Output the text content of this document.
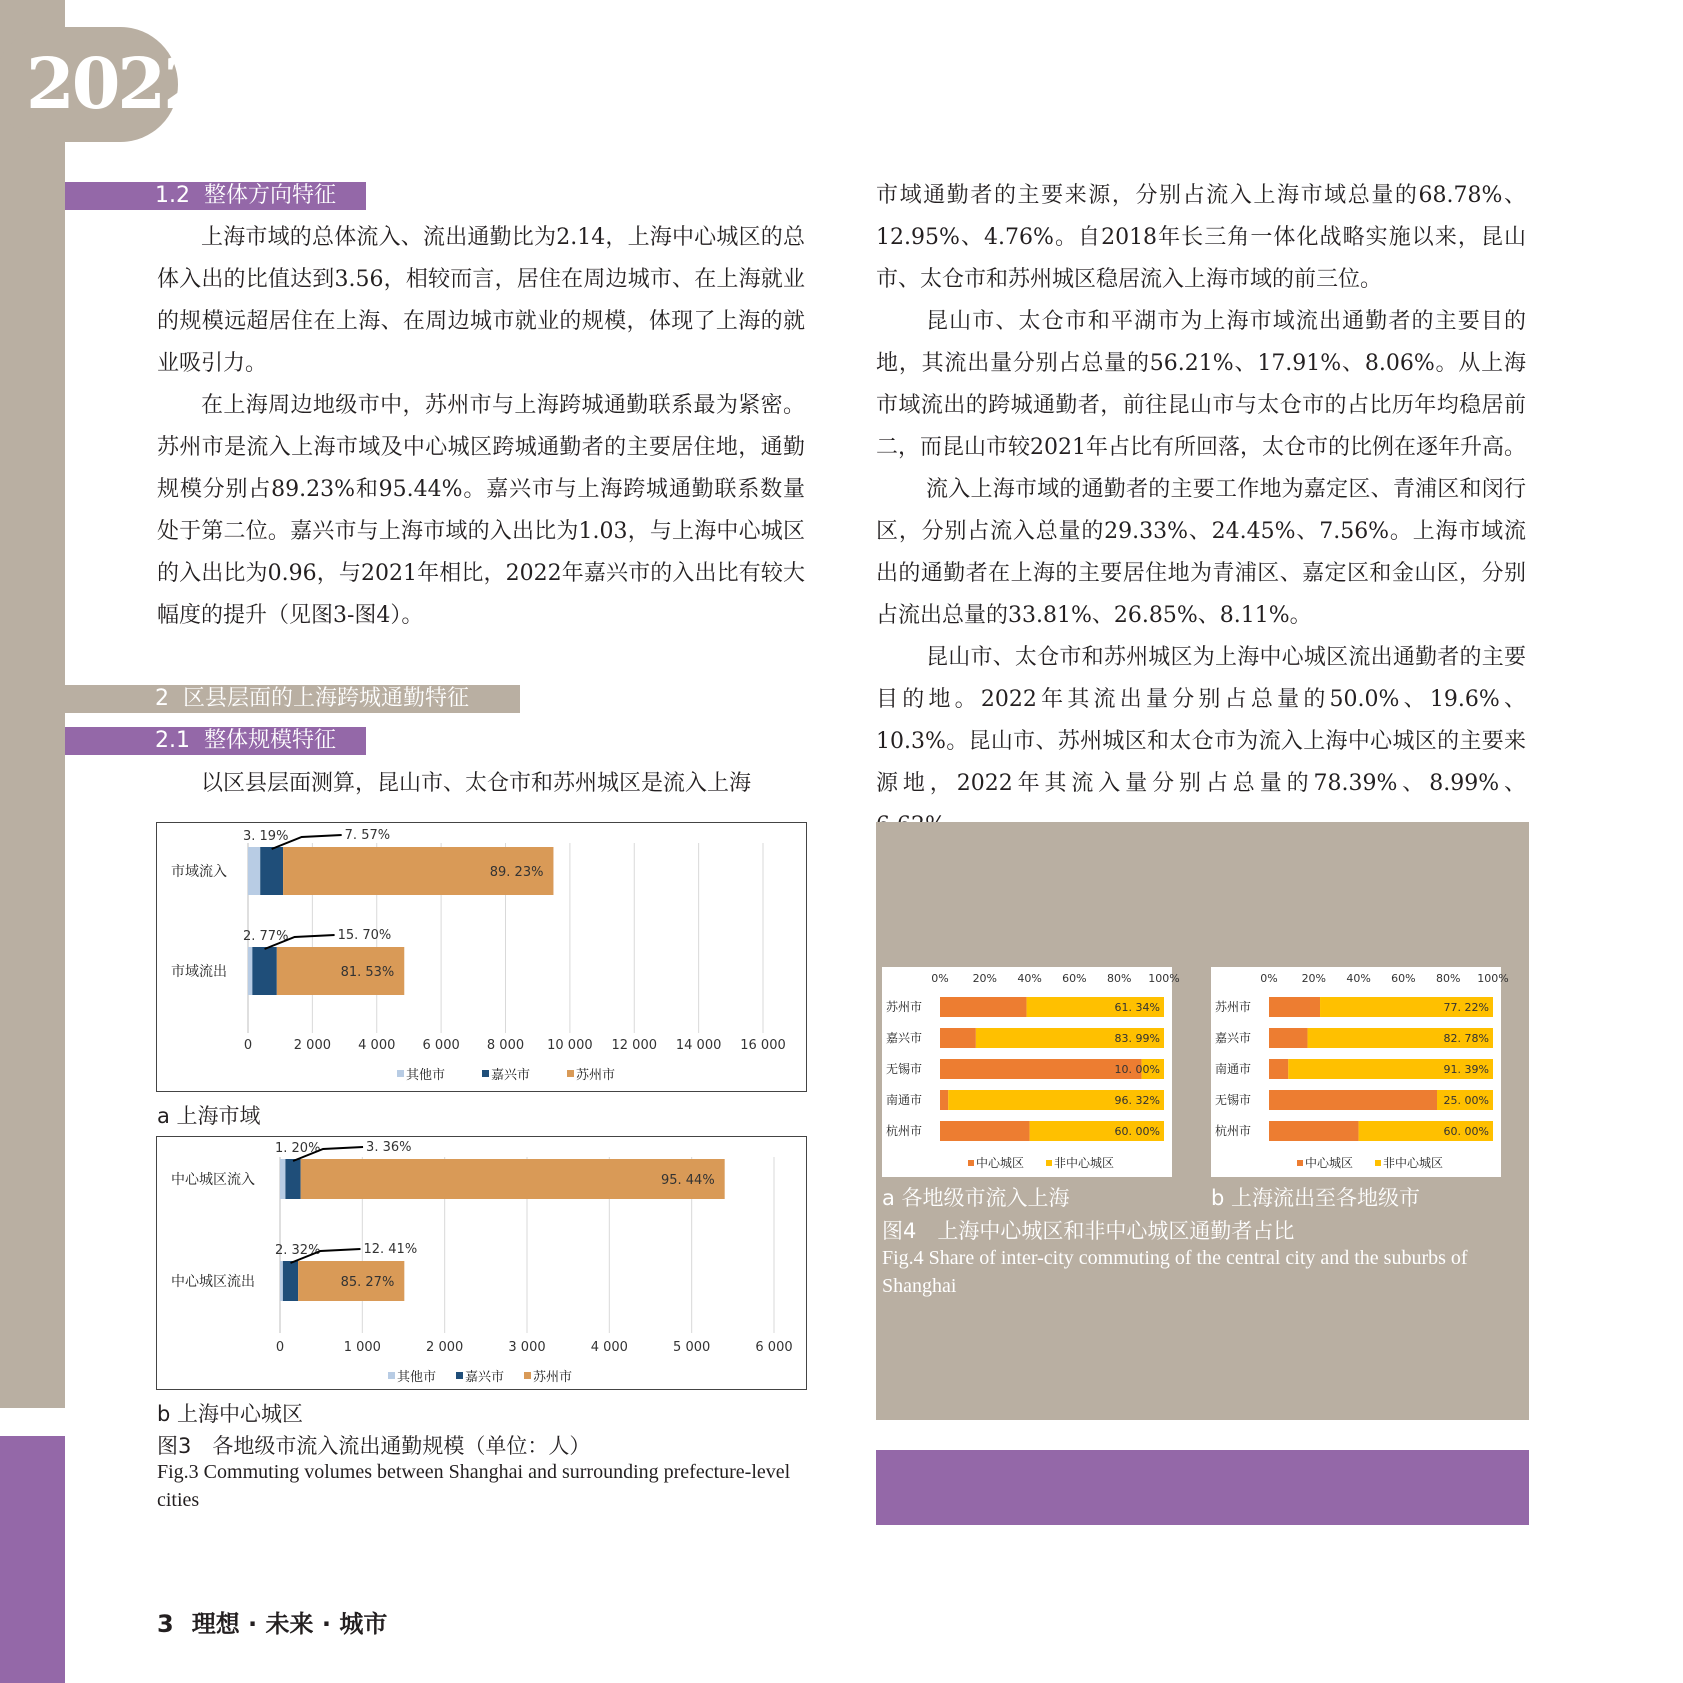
2022
1.2 整体方向特征
上海市域的总体流入、流出通勤比为2.14，上海中心城区的总体入出的比值达到3.56，相较而言，居住在周边城市、在上海就业的规模远超居住在上海、在周边城市就业的规模，体现了上海的就业吸引力。
在上海周边地级市中，苏州市与上海跨城通勤联系最为紧密。苏州市是流入上海市域及中心城区跨城通勤者的主要居住地，通勤规模分别占89.23%和95.44%。嘉兴市与上海跨城通勤联系数量处于第二位。嘉兴市与上海市域的入出比为1.03，与上海中心城区的入出比为0.96，与2021年相比，2022年嘉兴市的入出比有较大幅度的提升（见图3-图4）。
2 区县层面的上海跨城通勤特征
2.1 整体规模特征
以区县层面测算，昆山市、太仓市和苏州城区是流入上海
0	2 000 4 000 6 000 8 000 10 000 12 000 14 000 16 000
市域流入	89. 23%
3. 19%	7. 57%
市域流出	81. 53%
2. 77%	15. 70%
其他市	嘉兴市	苏州市
a 上海市域
0	1 000	2 000	3 000	4 000	5 000	6 000
中心城区流入	95. 44%
1. 20%	3. 36%
中心城区流出	85. 27%
2. 32%	12. 41%
其他市 嘉兴市 苏州市
b 上海中心城区
图3　各地级市流入流出通勤规模（单位：人）
Fig.3 Commuting volumes between Shanghai and surrounding prefecture-level cities
市域通勤者的主要来源，分别占流入上海市域总量的68.78%、12.95%、4.76%。自2018年长三角一体化战略实施以来，昆山市、太仓市和苏州城区稳居流入上海市域的前三位。
昆山市、太仓市和平湖市为上海市域流出通勤者的主要目的地，其流出量分别占总量的56.21%、17.91%、8.06%。从上海市域流出的跨城通勤者，前往昆山市与太仓市的占比历年均稳居前二，而昆山市较2021年占比有所回落，太仓市的比例在逐年升高。
流入上海市域的通勤者的主要工作地为嘉定区、青浦区和闵行区，分别占流入总量的29.33%、24.45%、7.56%。上海市域流出的通勤者在上海的主要居住地为青浦区、嘉定区和金山区，分别占流出总量的33.81%、26.85%、8.11%。
昆山市、太仓市和苏州城区为上海中心城区流出通勤者的主要目的地。2022年其流出量分别占总量的50.0%、19.6%、10.3%。昆山市、苏州城区和太仓市为流入上海中心城区的主要来源地，2022年其流入量分别占总量的78.39%、8.99%、
0% 20% 40% 60% 80% 100%
苏州市	61. 34%
嘉兴市	83. 99%
无锡市	10. 00%
南通市	96. 32%
杭州市	60. 00%
中心城区 非中心城区
0% 20% 40% 60% 80% 100%
苏州市	77. 22%
嘉兴市	82. 78%
南通市	91. 39%
无锡市	25. 00%
杭州市	60. 00%
中心城区 非中心城区
a 各地级市流入上海	b 上海流出至各地级市
图4　上海中心城区和非中心城区通勤者占比
Fig.4 Share of inter-city commuting of the central city and the suburbs of Shanghai
3 理想 · 未来 · 城市
